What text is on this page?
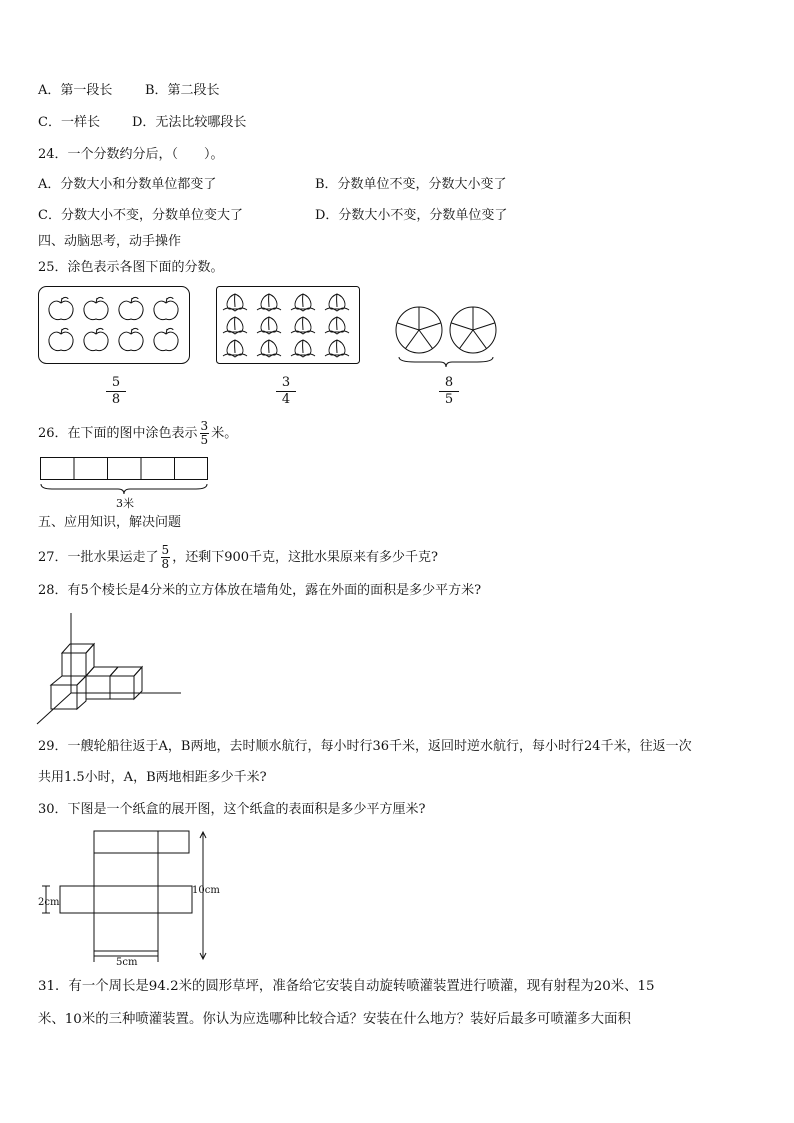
A．第一段长	B．第二段长
C．一样长 D．无法比较哪段长
24．一个分数约分后，（　　）。
A．分数大小和分数单位都变了	B．分数单位不变，分数大小变了
C．分数大小不变，分数单位变大了	D．分数大小不变，分数单位变了
四、动脑思考，动手操作
25．涂色表示各图下面的分数。
$\frac{5}{8}$	$\frac{3}{4}$	$\frac{8}{5}$
26．在下面的图中涂色表示 $\frac{3}{5}$ 米。
3米
五、应用知识，解决问题
27．一批水果运走了 $\frac{5}{8}$ ，还剩下900千克，这批水果原来有多少千克?
28．有5个棱长是4分米的立方体放在墙角处，露在外面的面积是多少平方米?
29．一艘轮船往返于A，B两地，去时顺水航行，每小时行36千米，返回时逆水航行，每小时行24千米，往返一次
共用1.5小时，A，B两地相距多少千米?
30．下图是一个纸盒的展开图，这个纸盒的表面积是多少平方厘米?
10cm
2cm
5cm
31．有一个周长是94.2米的圆形草坪，准备给它安装自动旋转喷灌装置进行喷灌，现有射程为20米、15
米、10米的三种喷灌装置。你认为应选哪种比较合适？安装在什么地方？装好后最多可喷灌多大面积
